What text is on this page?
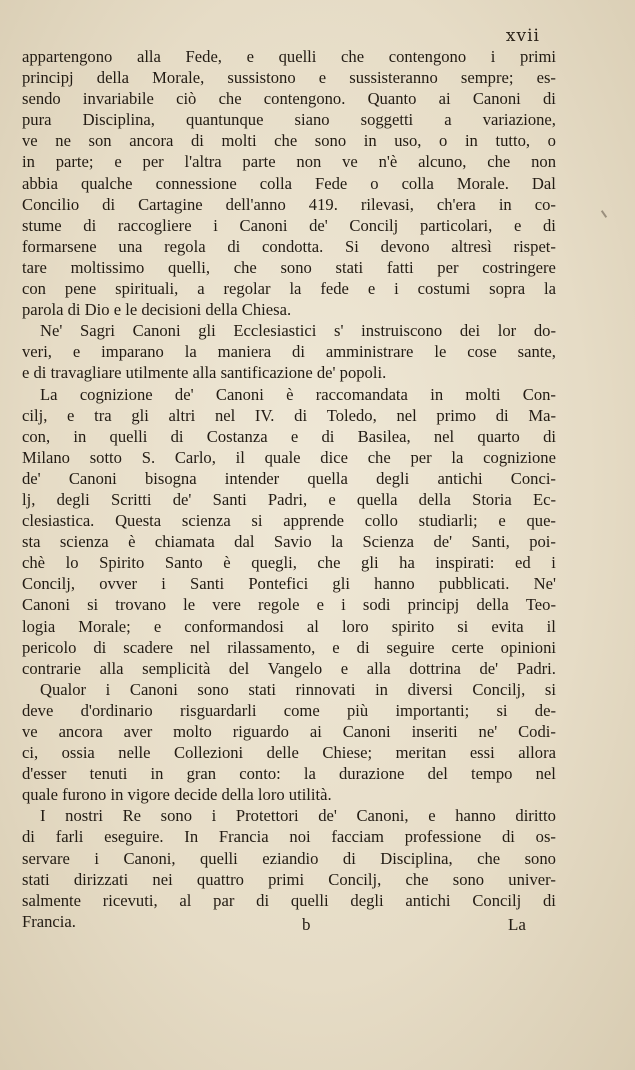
xvii
appartengono alla Fede, e quelli che contengono i primi
principj della Morale, sussistono e sussisteranno sempre; es-
sendo invariabile ciò che contengono. Quanto ai Canoni di
pura Disciplina, quantunque siano soggetti a variazione,
ve ne son ancora di molti che sono in uso, o in tutto, o
in parte; e per l'altra parte non ve n'è alcuno, che non
abbia qualche connessione colla Fede o colla Morale. Dal
Concilio di Cartagine dell'anno 419. rilevasi, ch'era in co-
stume di raccogliere i Canoni de' Concilj particolari, e di
formarsene una regola di condotta. Si devono altresì rispet-
tare moltissimo quelli, che sono stati fatti per costringere
con pene spirituali, a regolar la fede e i costumi sopra la
parola di Dio e le decisioni della Chiesa.
Ne' Sagri Canoni gli Ecclesiastici s' instruiscono dei lor do-
veri, e imparano la maniera di amministrare le cose sante,
e di travagliare utilmente alla santificazione de' popoli.
La cognizione de' Canoni è raccomandata in molti Con-
cilj, e tra gli altri nel IV. di Toledo, nel primo di Ma-
con, in quelli di Costanza e di Basilea, nel quarto di
Milano sotto S. Carlo, il quale dice che per la cognizione
de' Canoni bisogna intender quella degli antichi Conci-
lj, degli Scritti de' Santi Padri, e quella della Storia Ec-
clesiastica. Questa scienza si apprende collo studiarli; e que-
sta scienza è chiamata dal Savio la Scienza de' Santi, poi-
chè lo Spirito Santo è quegli, che gli ha inspirati: ed i
Concilj, ovver i Santi Pontefici gli hanno pubblicati. Ne'
Canoni si trovano le vere regole e i sodi principj della Teo-
logia Morale; e conformandosi al loro spirito si evita il
pericolo di scadere nel rilassamento, e di seguire certe opinioni
contrarie alla semplicità del Vangelo e alla dottrina de' Padri.
Qualor i Canoni sono stati rinnovati in diversi Concilj, si
deve d'ordinario risguardarli come più importanti; si de-
ve ancora aver molto riguardo ai Canoni inseriti ne' Codi-
ci, ossia nelle Collezioni delle Chiese; meritan essi allora
d'esser tenuti in gran conto: la durazione del tempo nel
quale furono in vigore decide della loro utilità.
I nostri Re sono i Protettori de' Canoni, e hanno diritto
di farli eseguire. In Francia noi facciam professione di os-
servare i Canoni, quelli eziandio di Disciplina, che sono
stati dirizzati nei quattro primi Concilj, che sono univer-
salmente ricevuti, al par di quelli degli antichi Concilj di
Francia.	b	La
